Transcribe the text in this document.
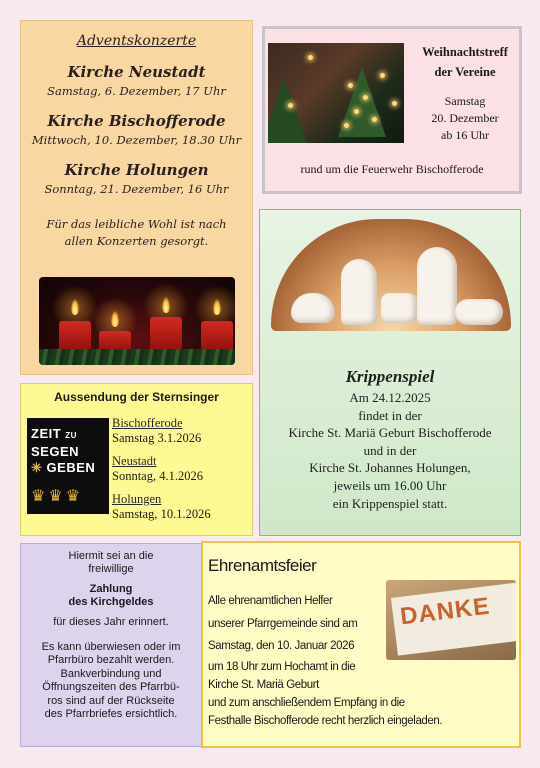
Adventskonzerte
Kirche Neustadt
Samstag, 6. Dezember, 17 Uhr
Kirche Bischofferode
Mittwoch, 10. Dezember, 18.30 Uhr
Kirche Holungen
Sonntag, 21. Dezember, 16 Uhr
Für das leibliche Wohl ist nach allen Konzerten gesorgt.
Weihnachtstreff
der Vereine
Samstag
20. Dezember
ab 16 Uhr
rund um die Feuerwehr Bischofferode
Krippenspiel
Am 24.12.2025
findet in der
Kirche St. Mariä Geburt Bischofferode
und in der
Kirche St. Johannes Holungen,
jeweils um 16.00 Uhr
ein Krippenspiel statt.
Aussendung der Sternsinger
ZEIT ZU SEGEN
✳ GEBEN
♛♛♛
Bischofferode
Samstag 3.1.2026
Neustadt
Sonntag, 4.1.2026
Holungen
Samstag, 10.1.2026
Hiermit sei an die
freiwillige
Zahlung
des Kirchgeldes
für dieses Jahr erinnert.
Es kann überwiesen oder im
Pfarrbüro bezahlt werden.
Bankverbindung und
Öffnungszeiten des Pfarrbü-
ros sind auf der Rückseite
des Pfarrbriefes ersichtlich.
Ehrenamtsfeier
Alle ehrenamtlichen Helfer
unserer Pfarrgemeinde sind am
Samstag, den 10. Januar 2026
um 18 Uhr zum Hochamt in die
Kirche St. Mariä Geburt
und zum anschließendem Empfang in die
Festhalle Bischofferode recht herzlich eingeladen.
DANKE
